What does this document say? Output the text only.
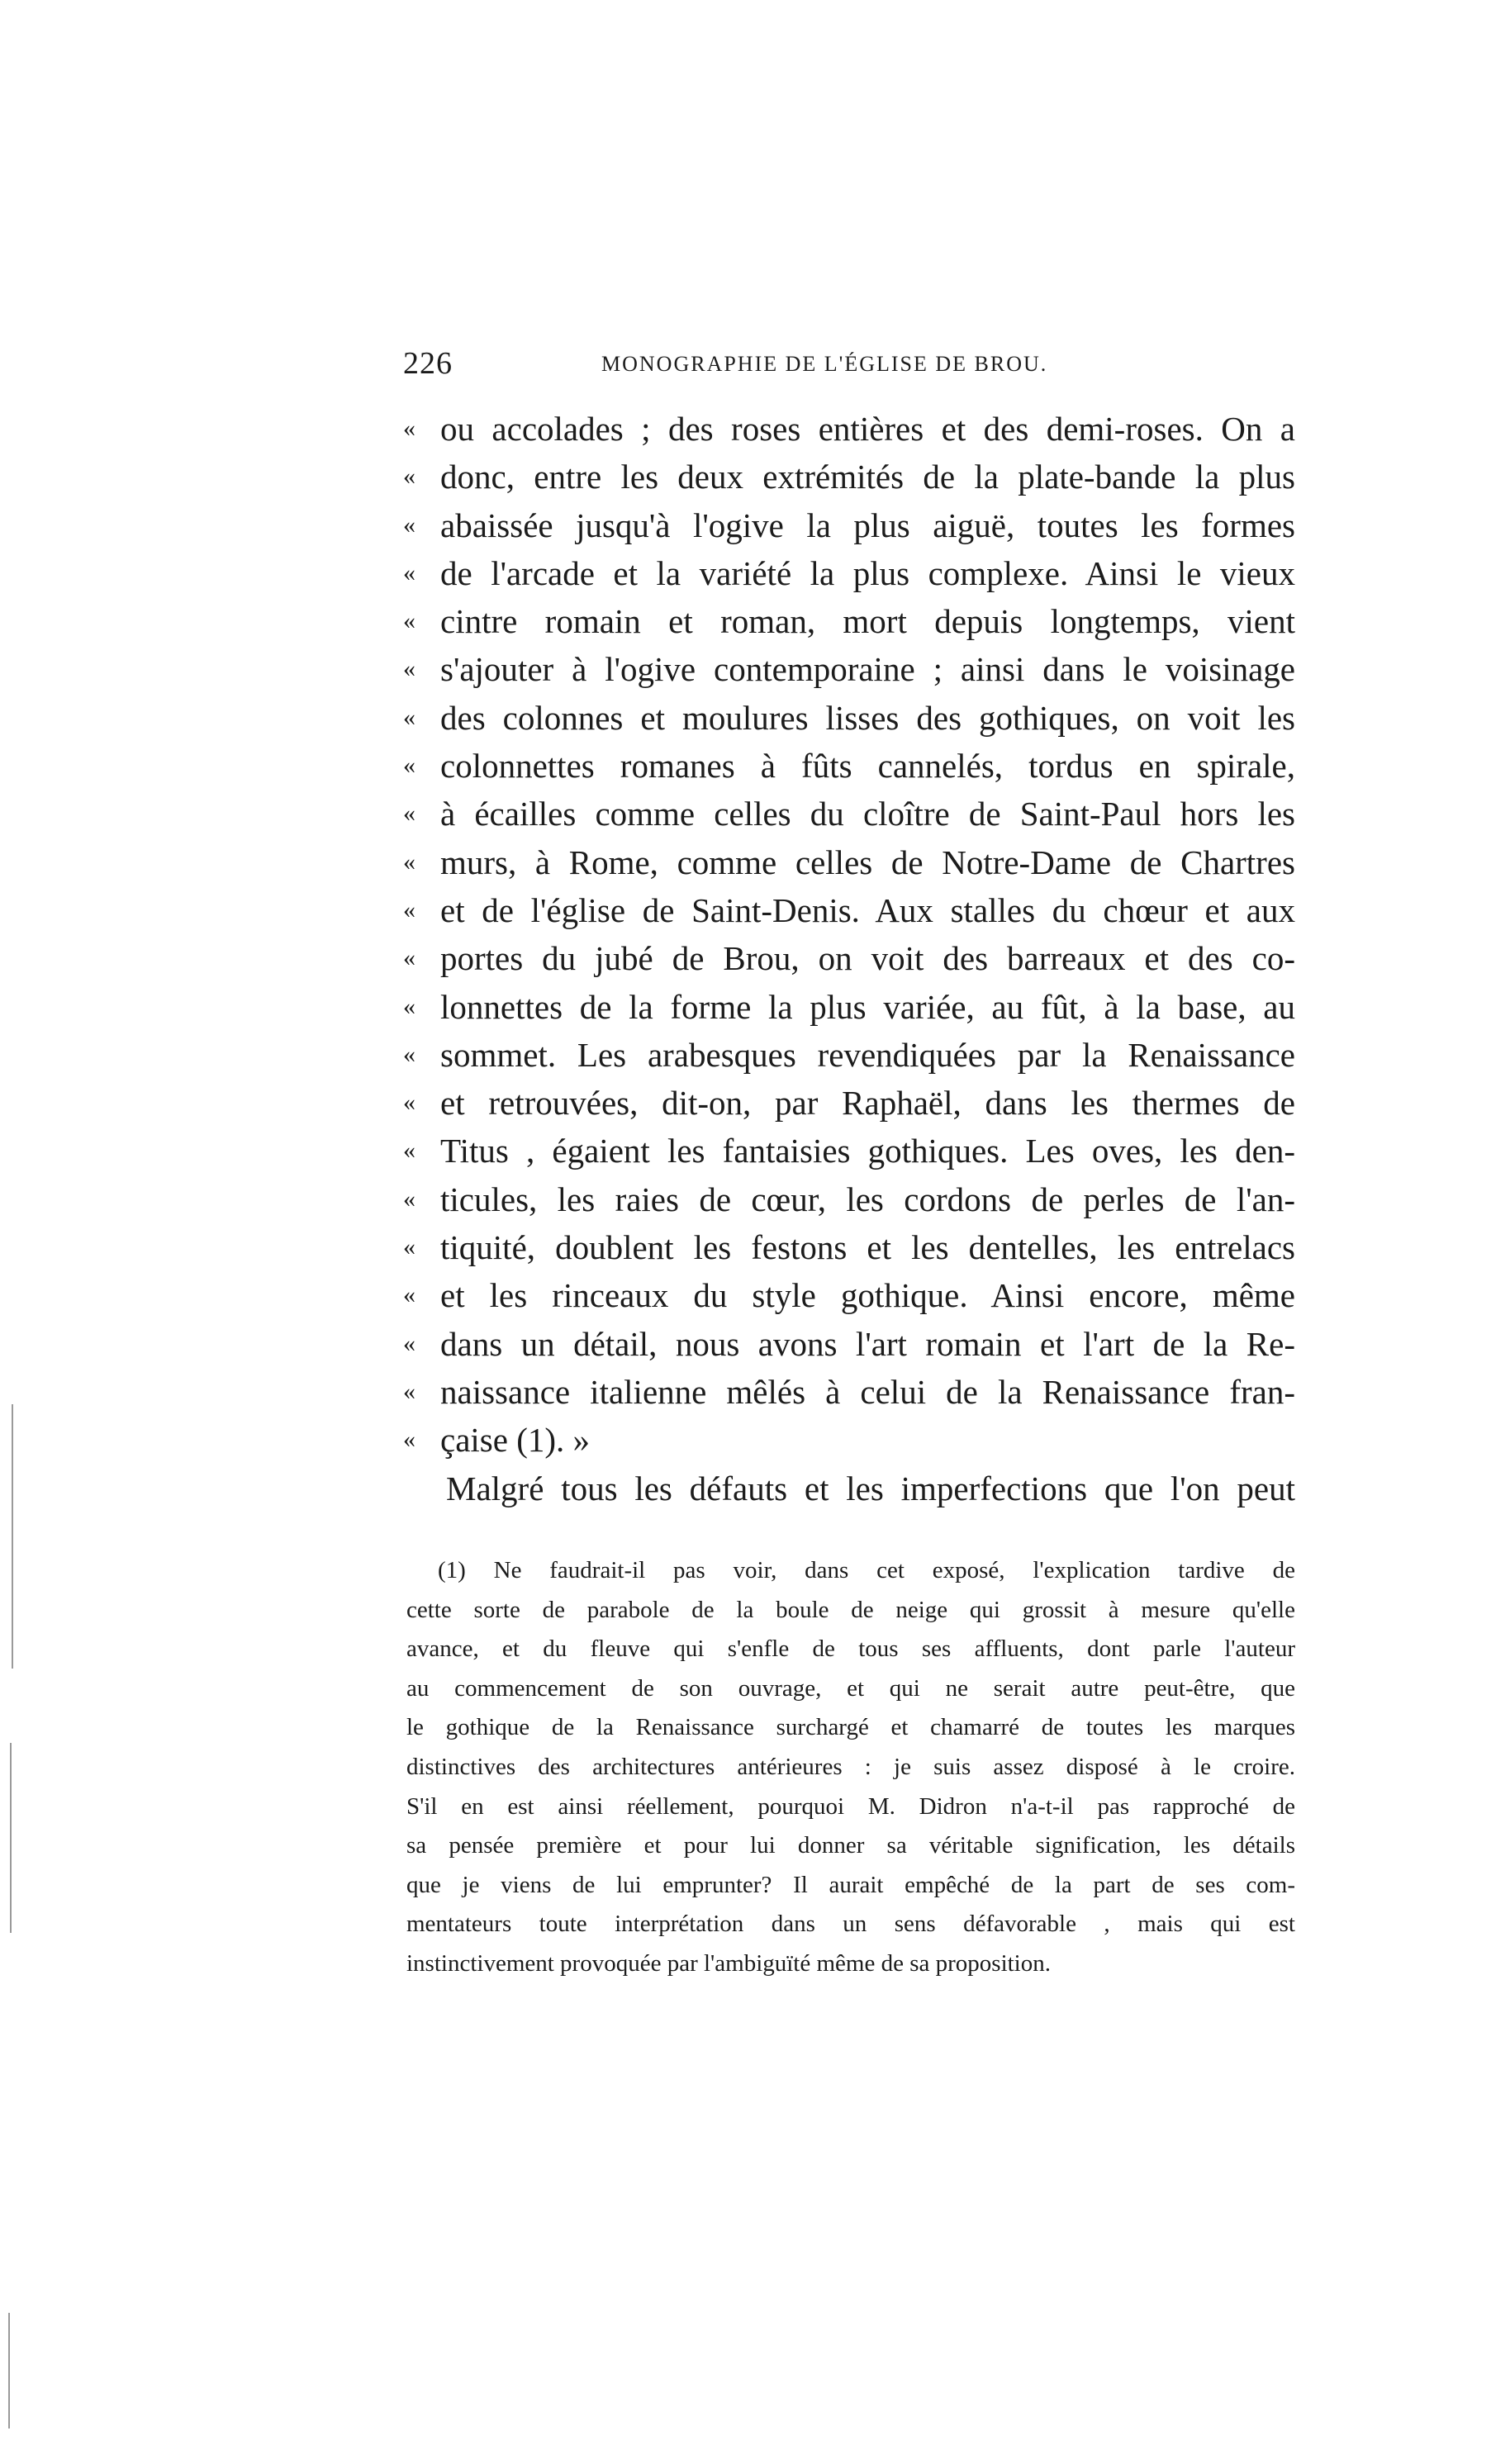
226	MONOGRAPHIE DE L'ÉGLISE DE BROU.
« ou accolades ; des roses entières et des demi-roses. On a
« donc, entre les deux extrémités de la plate-bande la plus
« abaissée jusqu'à l'ogive la plus aiguë, toutes les formes
« de l'arcade et la variété la plus complexe. Ainsi le vieux
« cintre romain et roman, mort depuis longtemps, vient
« s'ajouter à l'ogive contemporaine ; ainsi dans le voisinage
« des colonnes et moulures lisses des gothiques, on voit les
« colonnettes romanes à fûts cannelés, tordus en spirale,
« à écailles comme celles du cloître de Saint-Paul hors les
« murs, à Rome, comme celles de Notre-Dame de Chartres
« et de l'église de Saint-Denis. Aux stalles du chœur et aux
« portes du jubé de Brou, on voit des barreaux et des co-
« lonnettes de la forme la plus variée, au fût, à la base, au
« sommet. Les arabesques revendiquées par la Renaissance
« et retrouvées, dit-on, par Raphaël, dans les thermes de
« Titus , égaient les fantaisies gothiques. Les oves, les den-
« ticules, les raies de cœur, les cordons de perles de l'an-
« tiquité, doublent les festons et les dentelles, les entrelacs
« et les rinceaux du style gothique. Ainsi encore, même
« dans un détail, nous avons l'art romain et l'art de la Re-
« naissance italienne mêlés à celui de la Renaissance fran-
« çaise (1). »
Malgré tous les défauts et les imperfections que l'on peut
(1) Ne faudrait-il pas voir, dans cet exposé, l'explication tardive de
cette sorte de parabole de la boule de neige qui grossit à mesure qu'elle
avance, et du fleuve qui s'enfle de tous ses affluents, dont parle l'auteur
au commencement de son ouvrage, et qui ne serait autre peut-être, que
le gothique de la Renaissance surchargé et chamarré de toutes les marques
distinctives des architectures antérieures : je suis assez disposé à le croire.
S'il en est ainsi réellement, pourquoi M. Didron n'a-t-il pas rapproché de
sa pensée première et pour lui donner sa véritable signification, les détails
que je viens de lui emprunter? Il aurait empêché de la part de ses com-
mentateurs toute interprétation dans un sens défavorable , mais qui est
instinctivement provoquée par l'ambiguïté même de sa proposition.
